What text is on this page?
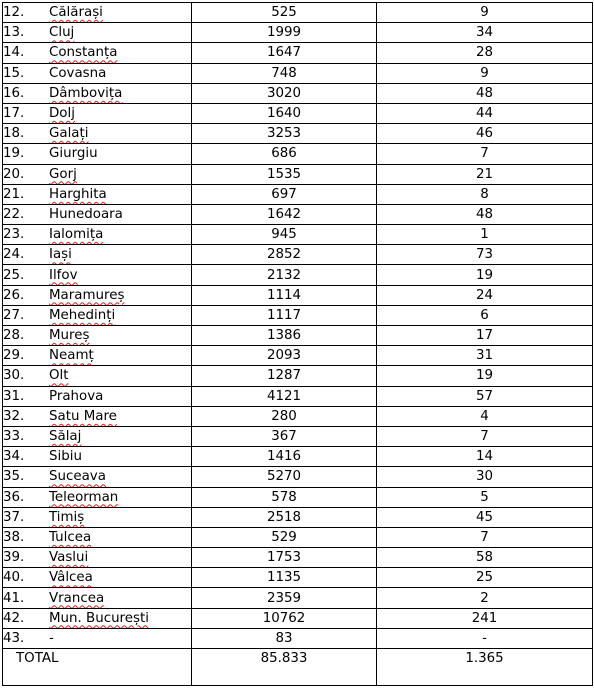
12. Călărași	525	9
13. Cluj	1999	34
14. Constanța	1647	28
15. Covasna	748	9
16. Dâmbovița	3020	48
17. Dolj	1640	44
18. Galați	3253	46
19. Giurgiu	686	7
20. Gorj	1535	21
21. Harghita	697	8
22. Hunedoara	1642	48
23. Ialomița	945	1
24. Iași	2852	73
25. Ilfov	2132	19
26. Maramureș	1114	24
27. Mehedinți	1117	6
28. Mureș	1386	17
29. Neamț	2093	31
30. Olt	1287	19
31. Prahova	4121	57
32. Satu Mare	280	4
33. Sălaj	367	7
34. Sibiu	1416	14
35. Suceava	5270	30
36. Teleorman	578	5
37. Timiș	2518	45
38. Tulcea	529	7
39. Vaslui	1753	58
40. Vâlcea	1135	25
41. Vrancea	2359	2
42. Mun. București	10762	241
43. -	83	-
TOTAL	85.833	1.365
